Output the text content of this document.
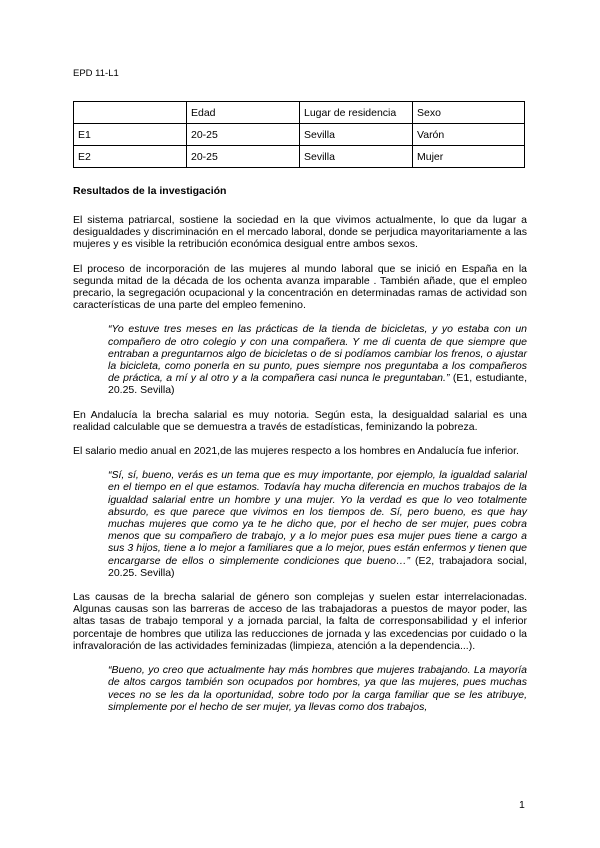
EPD 11-L1
	Edad	Lugar de residencia	Sexo
E1	20-25	Sevilla	Varón
E2	20-25	Sevilla	Mujer
Resultados de la investigación

El sistema patriarcal, sostiene la sociedad en la que vivimos actualmente, lo que da lugar a desigualdades y discriminación en el mercado laboral, donde se perjudica mayoritariamente a las mujeres y es visible la retribución económica desigual entre ambos sexos.

El proceso de incorporación de las mujeres al mundo laboral que se inició en España en la segunda mitad de la década de los ochenta avanza imparable . También añade, que el empleo precario, la segregación ocupacional y la concentración en determinadas ramas de actividad son características de una parte del empleo femenino.

“Yo estuve tres meses en las prácticas de la tienda de bicicletas, y yo estaba con un compañero de otro colegio y con una compañera. Y me di cuenta de que siempre que entraban a preguntarnos algo de bicicletas o de si podíamos cambiar los frenos, o ajustar la bicicleta, como ponerla en su punto, pues siempre nos preguntaba a los compañeros de práctica, a mí y al otro y a la compañera casi nunca le preguntaban.” (E1, estudiante, 20.25. Sevilla)

En Andalucía la brecha salarial es muy notoria. Según esta, la desigualdad salarial es una realidad calculable que se demuestra a través de estadísticas, feminizando la pobreza.

El salario medio anual en 2021,de las mujeres respecto a los hombres en Andalucía fue inferior.

“Sí, sí, bueno, verás es un tema que es muy importante, por ejemplo, la igualdad salarial en el tiempo en el que estamos. Todavía hay mucha diferencia en muchos trabajos de la igualdad salarial entre un hombre y una mujer. Yo la verdad es que lo veo totalmente absurdo, es que parece que vivimos en los tiempos de. Sí, pero bueno, es que hay muchas mujeres que como ya te he dicho que, por el hecho de ser mujer, pues cobra menos que su compañero de trabajo, y a lo mejor pues esa mujer pues tiene a cargo a sus 3 hijos, tiene a lo mejor a familiares que a lo mejor, pues están enfermos y tienen que encargarse de ellos o simplemente condiciones que bueno…” (E2, trabajadora social, 20.25. Sevilla)

Las causas de la brecha salarial de género son complejas y suelen estar interrelacionadas. Algunas causas son las barreras de acceso de las trabajadoras a puestos de mayor poder, las altas tasas de trabajo temporal y a jornada parcial, la falta de corresponsabilidad y el inferior porcentaje de hombres que utiliza las reducciones de jornada y las excedencias por cuidado o la infravaloración de las actividades feminizadas (limpieza, atención a la dependencia...).

“Bueno, yo creo que actualmente hay más hombres que mujeres trabajando. La mayoría de altos cargos también son ocupados por hombres, ya que las mujeres, pues muchas veces no se les da la oportunidad, sobre todo por la carga familiar que se les atribuye, simplemente por el hecho de ser mujer, ya llevas como dos trabajos,

1
